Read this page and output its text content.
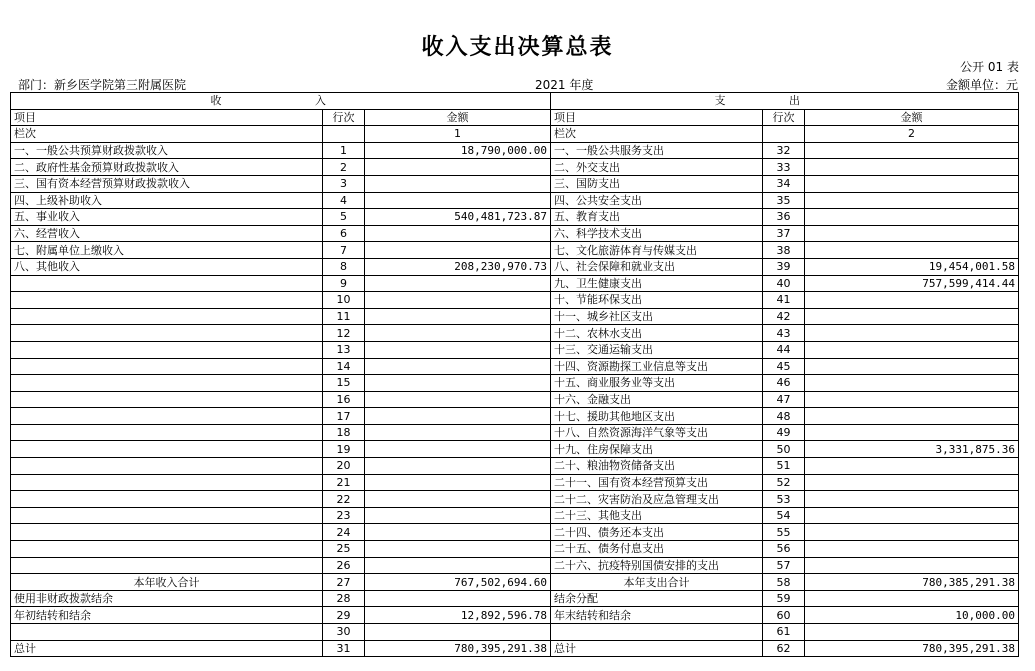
收入支出决算总表
公开 01 表
部门：新乡医学院第三附属医院	2021 年度	金额单位：元
收 入			支 出		
项目	行次	金额	项目	行次	金额
栏次		1	栏次		2
一、一般公共预算财政拨款收入	1	18,790,000.00	一、一般公共服务支出	32	
二、政府性基金预算财政拨款收入	2		二、外交支出	33	
三、国有资本经营预算财政拨款收入	3		三、国防支出	34	
四、上级补助收入	4		四、公共安全支出	35	
五、事业收入	5	540,481,723.87	五、教育支出	36	
六、经营收入	6		六、科学技术支出	37	
七、附属单位上缴收入	7		七、文化旅游体育与传媒支出	38	
八、其他收入	8	208,230,970.73	八、社会保障和就业支出	39	19,454,001.58
	9		九、卫生健康支出	40	757,599,414.44
	10		十、节能环保支出	41	
	11		十一、城乡社区支出	42	
	12		十二、农林水支出	43	
	13		十三、交通运输支出	44	
	14		十四、资源勘探工业信息等支出	45	
	15		十五、商业服务业等支出	46	
	16		十六、金融支出	47	
	17		十七、援助其他地区支出	48	
	18		十八、自然资源海洋气象等支出	49	
	19		十九、住房保障支出	50	3,331,875.36
	20		二十、粮油物资储备支出	51	
	21		二十一、国有资本经营预算支出	52	
	22		二十二、灾害防治及应急管理支出	53	
	23		二十三、其他支出	54	
	24		二十四、债务还本支出	55	
	25		二十五、债务付息支出	56	
	26		二十六、抗疫特别国债安排的支出	57	
本年收入合计	27	767,502,694.60	本年支出合计	58	780,385,291.38
使用非财政拨款结余	28		结余分配	59	
年初结转和结余	29	12,892,596.78	年末结转和结余	60	10,000.00
	30			61	
总计	31	780,395,291.38	总计	62	780,395,291.38
